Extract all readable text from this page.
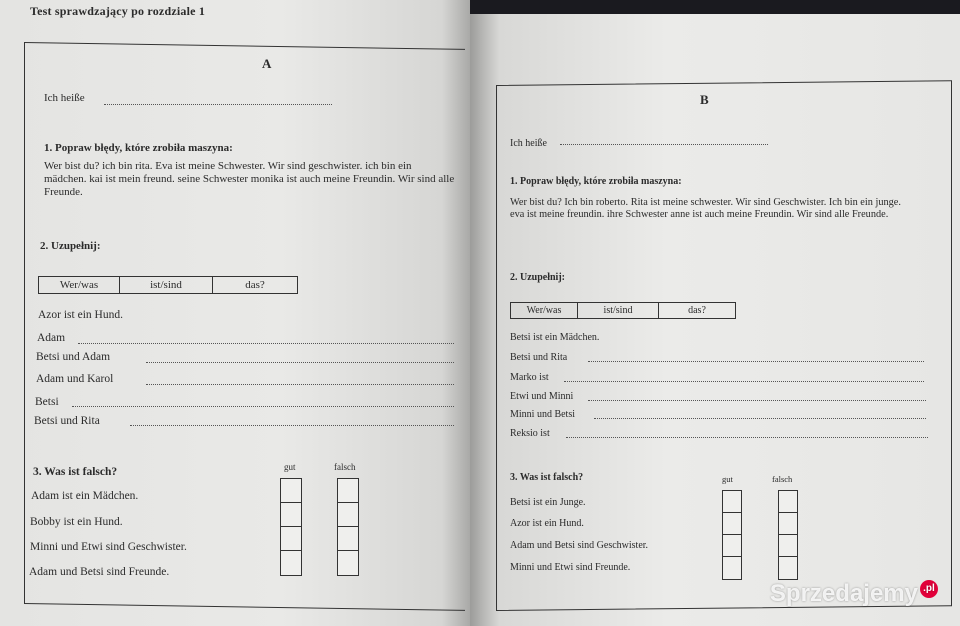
Test sprawdzający po rozdziale 1
A
Ich heiße
1. Popraw błędy, które zrobiła maszyna:
Wer bist du? ich bin rita. Eva ist meine Schwester. Wir sind geschwister. ich bin ein mädchen. kai ist mein freund. seine Schwester monika ist auch meine Freundin. Wir sind alle Freunde.
2. Uzupełnij:
Wer/was	ist/sind	das?
Azor ist ein Hund.
Adam
Betsi und Adam
Adam und Karol
Betsi
Betsi und Rita
3. Was ist falsch?	gut	falsch
Adam ist ein Mädchen.
Bobby ist ein Hund.
Minni und Etwi sind Geschwister.
Adam und Betsi sind Freunde.
B
Ich heiße
1. Popraw błędy, które zrobiła maszyna:
Wer bist du? Ich bin roberto. Rita ist meine schwester. Wir sind Geschwister. Ich bin ein junge. eva ist meine freundin. ihre Schwester anne ist auch meine Freundin. Wir sind alle Freunde.
2. Uzupełnij:
Wer/was	ist/sind	das?
Betsi ist ein Mädchen.
Betsi und Rita
Marko ist
Etwi und Minni
Minni und Betsi
Reksio ist
3. Was ist falsch?	gut	falsch
Betsi ist ein Junge.
Azor ist ein Hund.
Adam und Betsi sind Geschwister.
Minni und Etwi sind Freunde.
Sprzedajemy .pl
